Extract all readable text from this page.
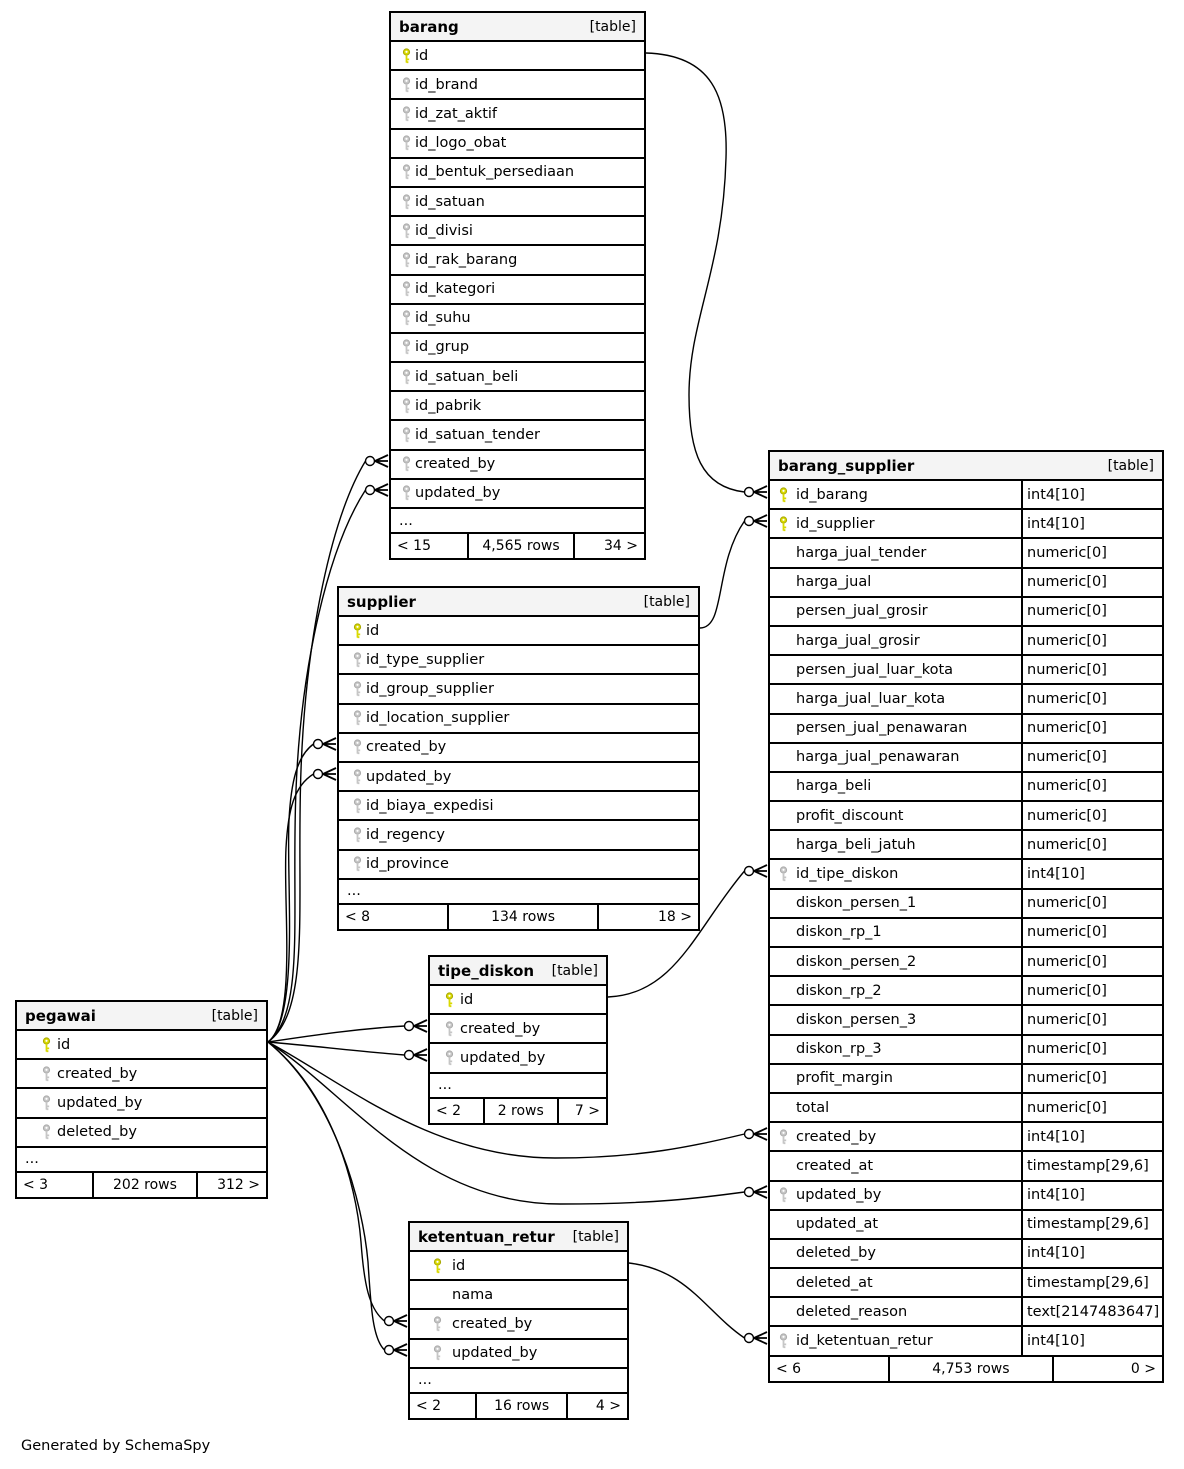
pegawai	[table]
id
created_by
updated_by
deleted_by
...
< 3	202 rows	312 >
barang	[table]
id
id_brand
id_zat_aktif
id_logo_obat
id_bentuk_persediaan
id_satuan
id_divisi
id_rak_barang
id_kategori
id_suhu
id_grup
id_satuan_beli
id_pabrik
id_satuan_tender
created_by
updated_by
...
< 15	4,565 rows	34 >
supplier	[table]
id
id_type_supplier
id_group_supplier
id_location_supplier
created_by
updated_by
id_biaya_expedisi
id_regency
id_province
...
< 8	134 rows	18 >
tipe_diskon [table]
id
created_by
updated_by
...
< 2	2 rows	7 >
ketentuan_retur [table]
id
nama
created_by
updated_by
...
< 2	16 rows	4 >
barang_supplier	[table]
id_barang	int4[10]
id_supplier	int4[10]
harga_jual_tender	numeric[0]
harga_jual	numeric[0]
persen_jual_grosir	numeric[0]
harga_jual_grosir	numeric[0]
persen_jual_luar_kota	numeric[0]
harga_jual_luar_kota	numeric[0]
persen_jual_penawaran	numeric[0]
harga_jual_penawaran	numeric[0]
harga_beli	numeric[0]
profit_discount	numeric[0]
harga_beli_jatuh	numeric[0]
id_tipe_diskon	int4[10]
diskon_persen_1	numeric[0]
diskon_rp_1	numeric[0]
diskon_persen_2	numeric[0]
diskon_rp_2	numeric[0]
diskon_persen_3	numeric[0]
diskon_rp_3	numeric[0]
profit_margin	numeric[0]
total	numeric[0]
created_by	int4[10]
created_at	timestamp[29,6]
updated_by	int4[10]
updated_at	timestamp[29,6]
deleted_by	int4[10]
deleted_at	timestamp[29,6]
deleted_reason	text[2147483647]
id_ketentuan_retur	int4[10]
< 6	4,753 rows	0 >
Generated by SchemaSpy
